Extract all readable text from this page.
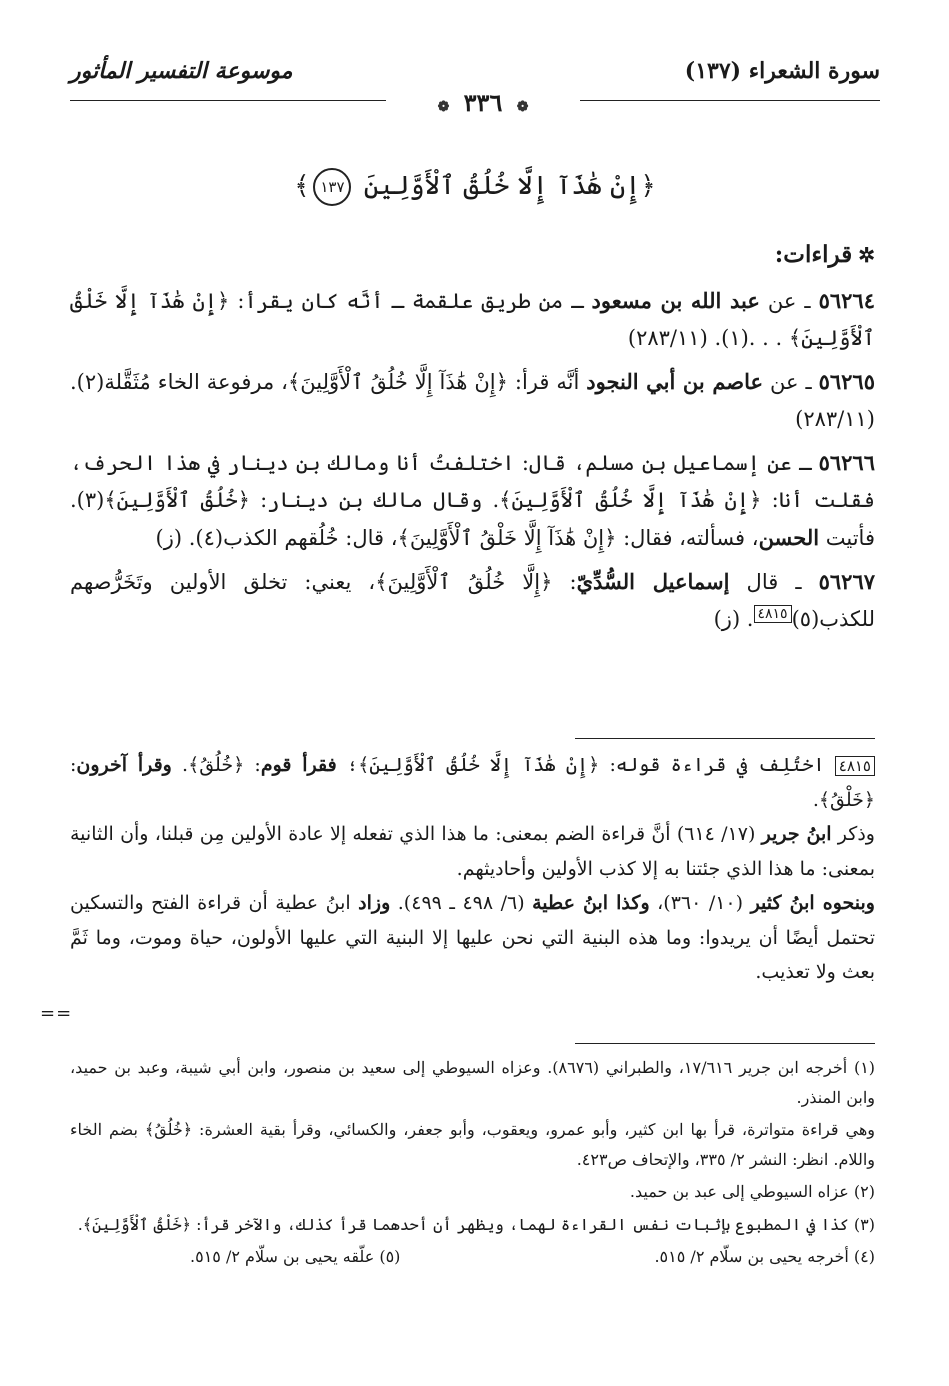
سورة الشعراء (١٣٧)
موسوعة التفسير المأثور
❁ ٣٣٦ ❁
﴿إِنْ هَٰذَآ إِلَّا خُلُقُ ٱلْأَوَّلِينَ ١٣٧﴾
✲قراءات:
٥٦٢٦٤ ـ عن عبد الله بن مسعود ـ من طريق علقمة ـ أنَّه كان يقرأ: ﴿إِنْ هَٰذَآ إِلَّا خَلْقُ ٱلْأَوَّلِينَ﴾ . . .(١). (٢٨٣/١١)
٥٦٢٦٥ ـ عن عاصم بن أبي النجود أنَّه قرأ: ﴿إِنْ هَٰذَآ إِلَّا خُلُقُ ٱلْأَوَّلِينَ﴾، مرفوعة الخاء مُثَقَّلة(٢). (٢٨٣/١١)
٥٦٢٦٦ ـ عن إسماعيل بن مسلم، قال: اختلفتُ أنا ومالك بن دينار في هذا الحرف، فقلت أنا: ﴿إِنْ هَٰذَآ إِلَّا خُلُقُ ٱلْأَوَّلِينَ﴾. وقال مالك بن دينار: ﴿خُلُقُ ٱلْأَوَّلِينَ﴾(٣). فأتيت الحسن، فسألته، فقال: ﴿إِنْ هَٰذَآ إِلَّا خَلْقُ ٱلْأَوَّلِينَ﴾، قال: خُلُقهم الكذب(٤). (ز)
٥٦٢٦٧ ـ قال إسماعيل السُّدِّيّ: ﴿إِلَّا خُلُقُ ٱلْأَوَّلِينَ﴾، يعني: تخلق الأولين وتَخَرُّصهم للكذب(٥)$^{٤٨١٥}$. (ز)

٤٨١٥ اختُلِف في قراءة قوله: ﴿إِنْ هَٰذَآ إِلَّا خُلُقُ ٱلْأَوَّلِينَ﴾؛ فقرأ قوم: ﴿خُلُقُ﴾. وقرأ آخرون: ﴿خَلْقُ﴾.

وذكر ابنُ جرير (١٧/ ٦١٤) أنَّ قراءة الضم بمعنى: ما هذا الذي تفعله إلا عادة الأولين مِن قبلنا، وأن الثانية بمعنى: ما هذا الذي جئتنا به إلا كذب الأولين وأحاديثهم.

وبنحوه ابنُ كثير (١٠/ ٣٦٠)، وكذا ابنُ عطية (٦/ ٤٩٨ ـ ٤٩٩). وزاد ابنُ عطية أن قراءة الفتح والتسكين تحتمل أيضًا أن يريدوا: وما هذه البنية التي نحن عليها إلا البنية التي عليها الأولون، حياة وموت، وما ثَمَّ بعث ولا تعذيب.

==

(١) أخرجه ابن جرير ١٧/٦١٦، والطبراني (٨٦٧٦). وعزاه السيوطي إلى سعيد بن منصور، وابن أبي شيبة، وعبد بن حميد، وابن المنذر.

وهي قراءة متواترة، قرأ بها ابن كثير، وأبو عمرو، ويعقوب، وأبو جعفر، والكسائي، وقرأ بقية العشرة: ﴿خُلُقُ﴾ بضم الخاء واللام. انظر: النشر ٢/ ٣٣٥، والإتحاف ص٤٢٣.

(٢) عزاه السيوطي إلى عبد بن حميد.

(٣) كذا في المطبوع بإثبات نفس القراءة لهما، ويظهر أن أحدهما قرأ كذلك، والآخر قرأ: ﴿خَلْقُ ٱلْأَوَّلِينَ﴾.

(٤) أخرجه يحيى بن سلّام ٢/ ٥١٥.
(٥) علّقه يحيى بن سلّام ٢/ ٥١٥.
